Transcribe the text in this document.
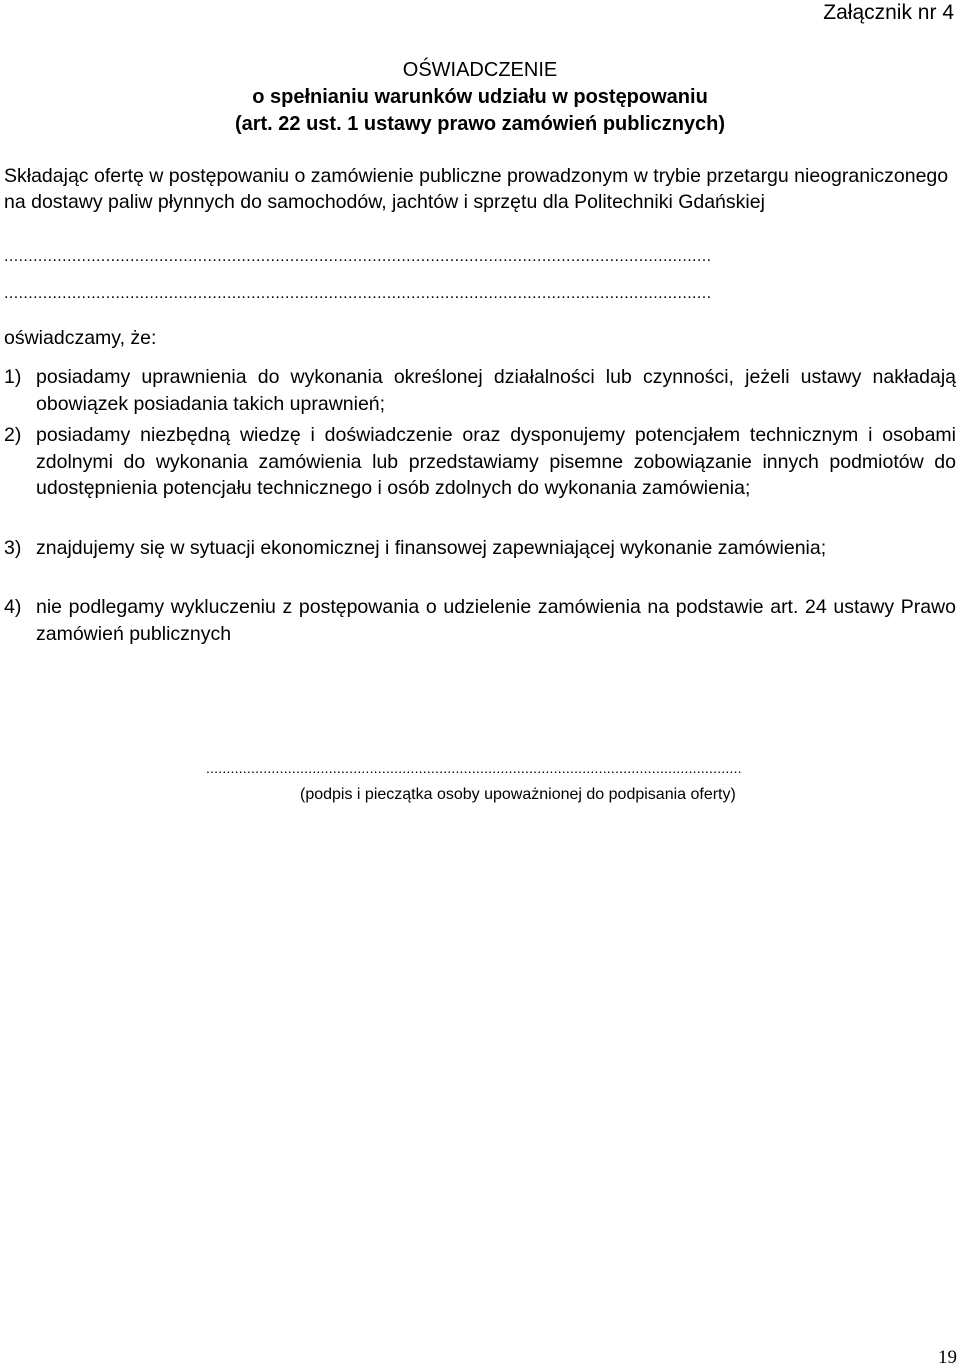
Załącznik nr 4
OŚWIADCZENIE
o spełnianiu warunków udziału w postępowaniu
(art. 22 ust. 1 ustawy prawo zamówień publicznych)
Składając ofertę w postępowaniu o zamówienie publiczne prowadzonym w trybie przetargu nieograniczonego na dostawy paliw płynnych do samochodów, jachtów i sprzętu dla Politechniki Gdańskiej
..................................................................................................................................................
..................................................................................................................................................
oświadczamy, że:
1) posiadamy uprawnienia do wykonania określonej działalności lub czynności, jeżeli ustawy nakładają obowiązek posiadania takich uprawnień;
2) posiadamy niezbędną wiedzę i doświadczenie oraz dysponujemy potencjałem technicznym i osobami zdolnymi do wykonania zamówienia lub przedstawiamy pisemne zobowiązanie innych podmiotów do udostępnienia potencjału technicznego i osób zdolnych do wykonania zamówienia;
3) znajdujemy się w sytuacji ekonomicznej i finansowej zapewniającej wykonanie zamówienia;
4) nie podlegamy wykluczeniu z postępowania o udzielenie zamówienia na podstawie art. 24 ustawy Prawo zamówień publicznych
...................................................................................................................................
(podpis i pieczątka osoby upoważnionej do podpisania oferty)
19
